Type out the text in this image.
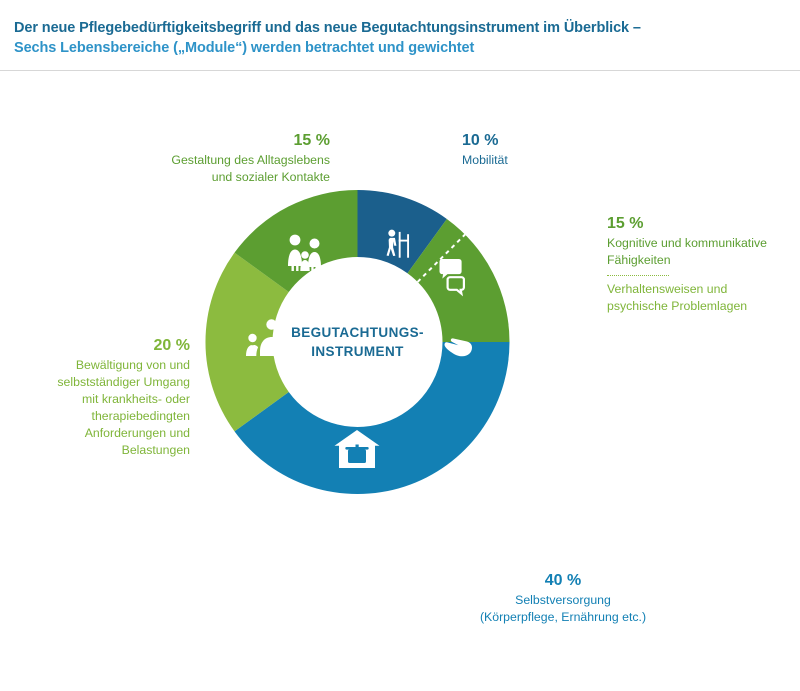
Der neue Pflegebedürftigkeitsbegriff und das neue Begutachtungsinstrument im Überblick –
Sechs Lebensbereiche („Module“) werden betrachtet und gewichtet
BEGUTACHTUNGS-
INSTRUMENT
15 %
Gestaltung des Alltagslebens
und sozialer Kontakte
10 %
Mobilität
15 %
Kognitive und kommunikative
Fähigkeiten
Verhaltensweisen und
psychische Problemlagen
20 %
Bewältigung von und
selbstständiger Umgang
mit krankheits- oder
therapiebedingten
Anforderungen und
Belastungen
40 %
Selbstversorgung
(Körperpflege, Ernährung etc.)
